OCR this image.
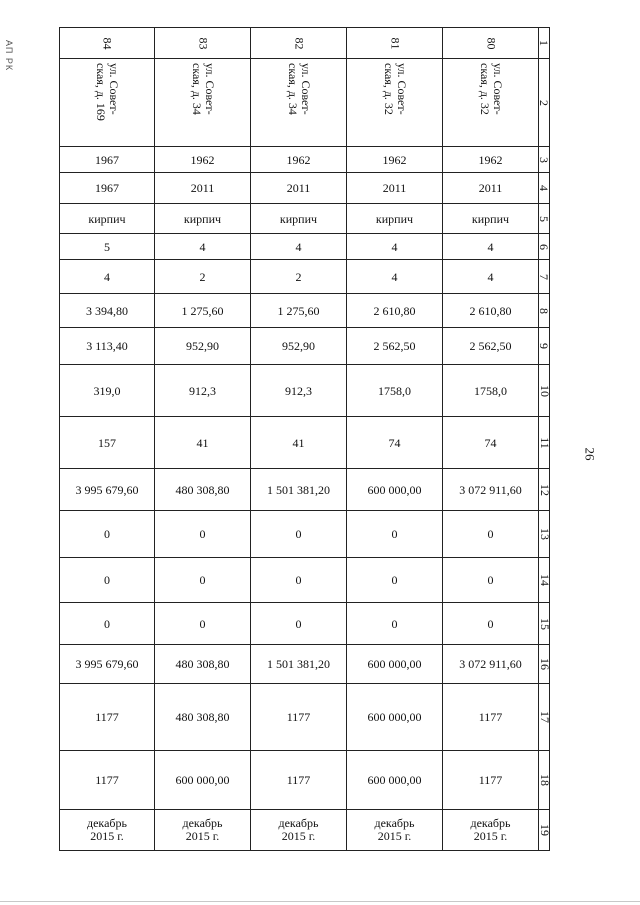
АП РК	84	83	82	81	80	1

ул. Совет-
ская, д. 169	ул. Совет-
ская, д. 34	ул. Совет-
ская, д. 34	ул. Совет-
ская, д. 32	ул. Совет-
ская, д. 32	2
1967	1962	1962	1962	1962	3
1967	2011	2011	2011	2011	4
кирпич	кирпич	кирпич	кирпич	кирпич	5
5	4	4	4	4	6
4	2	2	4	4	7
3 394,80	1 275,60	1 275,60	2 610,80	2 610,80	8
3 113,40	952,90	952,90	2 562,50	2 562,50	9
319,0	912,3	912,3	1758,0	1758,0	10
157	41	41	74	74	11
3 995 679,60	480 308,80	1 501 381,20	600 000,00	3 072 911,60	12
0	0	0	0	0	13
0	0	0	0	0	14
0	0	0	0	0	15
3 995 679,60	480 308,80	1 501 381,20	600 000,00	3 072 911,60	16
1177	480 308,80	1177	600 000,00	1177	17
1177	600 000,00	1177	600 000,00	1177	18

декабрь
2015 г.	декабрь
2015 г.	декабрь
2015 г.	декабрь
2015 г.	декабрь
2015 г.	19
26
